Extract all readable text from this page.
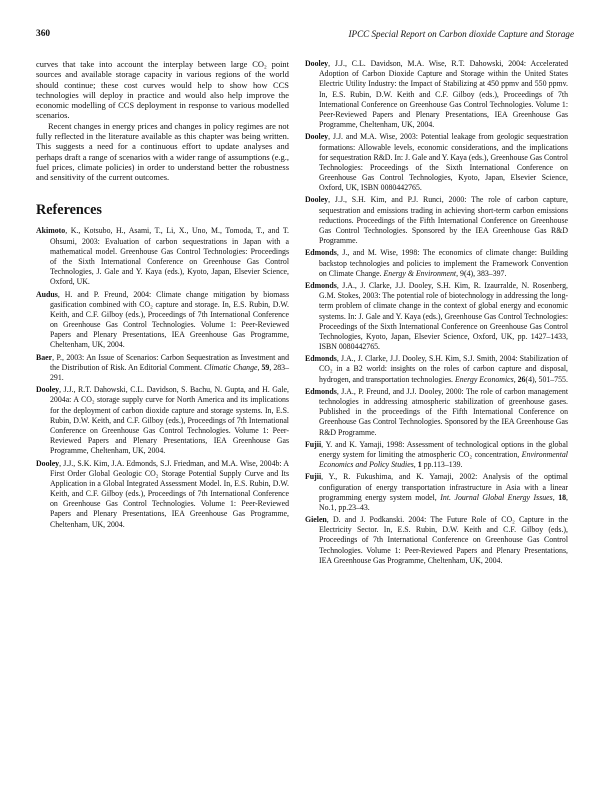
360	IPCC Special Report on Carbon dioxide Capture and Storage

curves that take into account the interplay between large CO₂ point sources and available storage capacity in various regions of the world should continue; these cost curves would help to show how CCS technologies will deploy in practice and would also help improve the economic modelling of CCS deployment in response to various modelled scenarios.

Recent changes in energy prices and changes in policy regimes are not fully reflected in the literature available as this chapter was being written. This suggests a need for a continuous effort to update analyses and perhaps draft a range of scenarios with a wider range of assumptions (e.g., fuel prices, climate policies) in order to understand better the robustness and sensitivity of the current outcomes.

References

Akimoto, K., Kotsubo, H., Asami, T., Li, X., Uno, M., Tomoda, T., and T. Ohsumi, 2003: Evaluation of carbon sequestrations in Japan with a mathematical model. Greenhouse Gas Control Technologies: Proceedings of the Sixth International Conference on Greenhouse Gas Control Technologies, J. Gale and Y. Kaya (eds.), Kyoto, Japan, Elsevier Science, Oxford, UK.

Audus, H. and P. Freund, 2004: Climate change mitigation by biomass gasification combined with CO₂ capture and storage. In, E.S. Rubin, D.W. Keith, and C.F. Gilboy (eds.), Proceedings of 7th International Conference on Greenhouse Gas Control Technologies. Volume 1: Peer-Reviewed Papers and Plenary Presentations, IEA Greenhouse Gas Programme, Cheltenham, UK, 2004.

Baer, P., 2003: An Issue of Scenarios: Carbon Sequestration as Investment and the Distribution of Risk. An Editorial Comment. Climatic Change, 59, 283–291.

Dooley, J.J., R.T. Dahowski, C.L. Davidson, S. Bachu, N. Gupta, and H. Gale, 2004a: A CO₂ storage supply curve for North America and its implications for the deployment of carbon dioxide capture and storage systems. In, E.S. Rubin, D.W. Keith, and C.F. Gilboy (eds.), Proceedings of 7th International Conference on Greenhouse Gas Control Technologies. Volume 1: Peer-Reviewed Papers and Plenary Presentations, IEA Greenhouse Gas Programme, Cheltenham, UK, 2004.

Dooley, J.J., S.K. Kim, J.A. Edmonds, S.J. Friedman, and M.A. Wise, 2004b: A First Order Global Geologic CO₂ Storage Potential Supply Curve and Its Application in a Global Integrated Assessment Model. In, E.S. Rubin, D.W. Keith, and C.F. Gilboy (eds.), Proceedings of 7th International Conference on Greenhouse Gas Control Technologies. Volume 1: Peer-Reviewed Papers and Plenary Presentations, IEA Greenhouse Gas Programme, Cheltenham, UK, 2004.

Dooley, J.J., C.L. Davidson, M.A. Wise, R.T. Dahowski, 2004: Accelerated Adoption of Carbon Dioxide Capture and Storage within the United States Electric Utility Industry: the Impact of Stabilizing at 450 ppmv and 550 ppmv. In, E.S. Rubin, D.W. Keith and C.F. Gilboy (eds.), Proceedings of 7th International Conference on Greenhouse Gas Control Technologies. Volume 1: Peer-Reviewed Papers and Plenary Presentations, IEA Greenhouse Gas Programme, Cheltenham, UK, 2004.

Dooley, J.J. and M.A. Wise, 2003: Potential leakage from geologic sequestration formations: Allowable levels, economic considerations, and the implications for sequestration R&D. In: J. Gale and Y. Kaya (eds.), Greenhouse Gas Control Technologies: Proceedings of the Sixth International Conference on Greenhouse Gas Control Technologies, Kyoto, Japan, Elsevier Science, Oxford, UK, ISBN 0080442765.

Dooley, J.J., S.H. Kim, and P.J. Runci, 2000: The role of carbon capture, sequestration and emissions trading in achieving short-term carbon emissions reductions. Proceedings of the Fifth International Conference on Greenhouse Gas Control Technologies. Sponsored by the IEA Greenhouse Gas R&D Programme.

Edmonds, J., and M. Wise, 1998: The economics of climate change: Building backstop technologies and policies to implement the Framework Convention on Climate Change. Energy & Environment, 9(4), 383–397.

Edmonds, J.A., J. Clarke, J.J. Dooley, S.H. Kim, R. Izaurralde, N. Rosenberg, G.M. Stokes, 2003: The potential role of biotechnology in addressing the long-term problem of climate change in the context of global energy and economic systems. In: J. Gale and Y. Kaya (eds.), Greenhouse Gas Control Technologies: Proceedings of the Sixth International Conference on Greenhouse Gas Control Technologies, Kyoto, Japan, Elsevier Science, Oxford, UK, pp. 1427–1433, ISBN 0080442765.

Edmonds, J.A., J. Clarke, J.J. Dooley, S.H. Kim, S.J. Smith, 2004: Stabilization of CO₂ in a B2 world: insights on the roles of carbon capture and disposal, hydrogen, and transportation technologies. Energy Economics, 26(4), 501–755.

Edmonds, J.A., P. Freund, and J.J. Dooley, 2000: The role of carbon management technologies in addressing atmospheric stabilization of greenhouse gases. Published in the proceedings of the Fifth International Conference on Greenhouse Gas Control Technologies. Sponsored by the IEA Greenhouse Gas R&D Programme.

Fujii, Y. and K. Yamaji, 1998: Assessment of technological options in the global energy system for limiting the atmospheric CO₂ concentration, Environmental Economics and Policy Studies, 1 pp.113–139.

Fujii, Y., R. Fukushima, and K. Yamaji, 2002: Analysis of the optimal configuration of energy transportation infrastructure in Asia with a linear programming energy system model, Int. Journal Global Energy Issues, 18, No.1, pp.23–43.

Gielen, D. and J. Podkanski. 2004: The Future Role of CO₂ Capture in the Electricity Sector. In, E.S. Rubin, D.W. Keith and C.F. Gilboy (eds.), Proceedings of 7th International Conference on Greenhouse Gas Control Technologies. Volume 1: Peer-Reviewed Papers and Plenary Presentations, IEA Greenhouse Gas Programme, Cheltenham, UK, 2004.
